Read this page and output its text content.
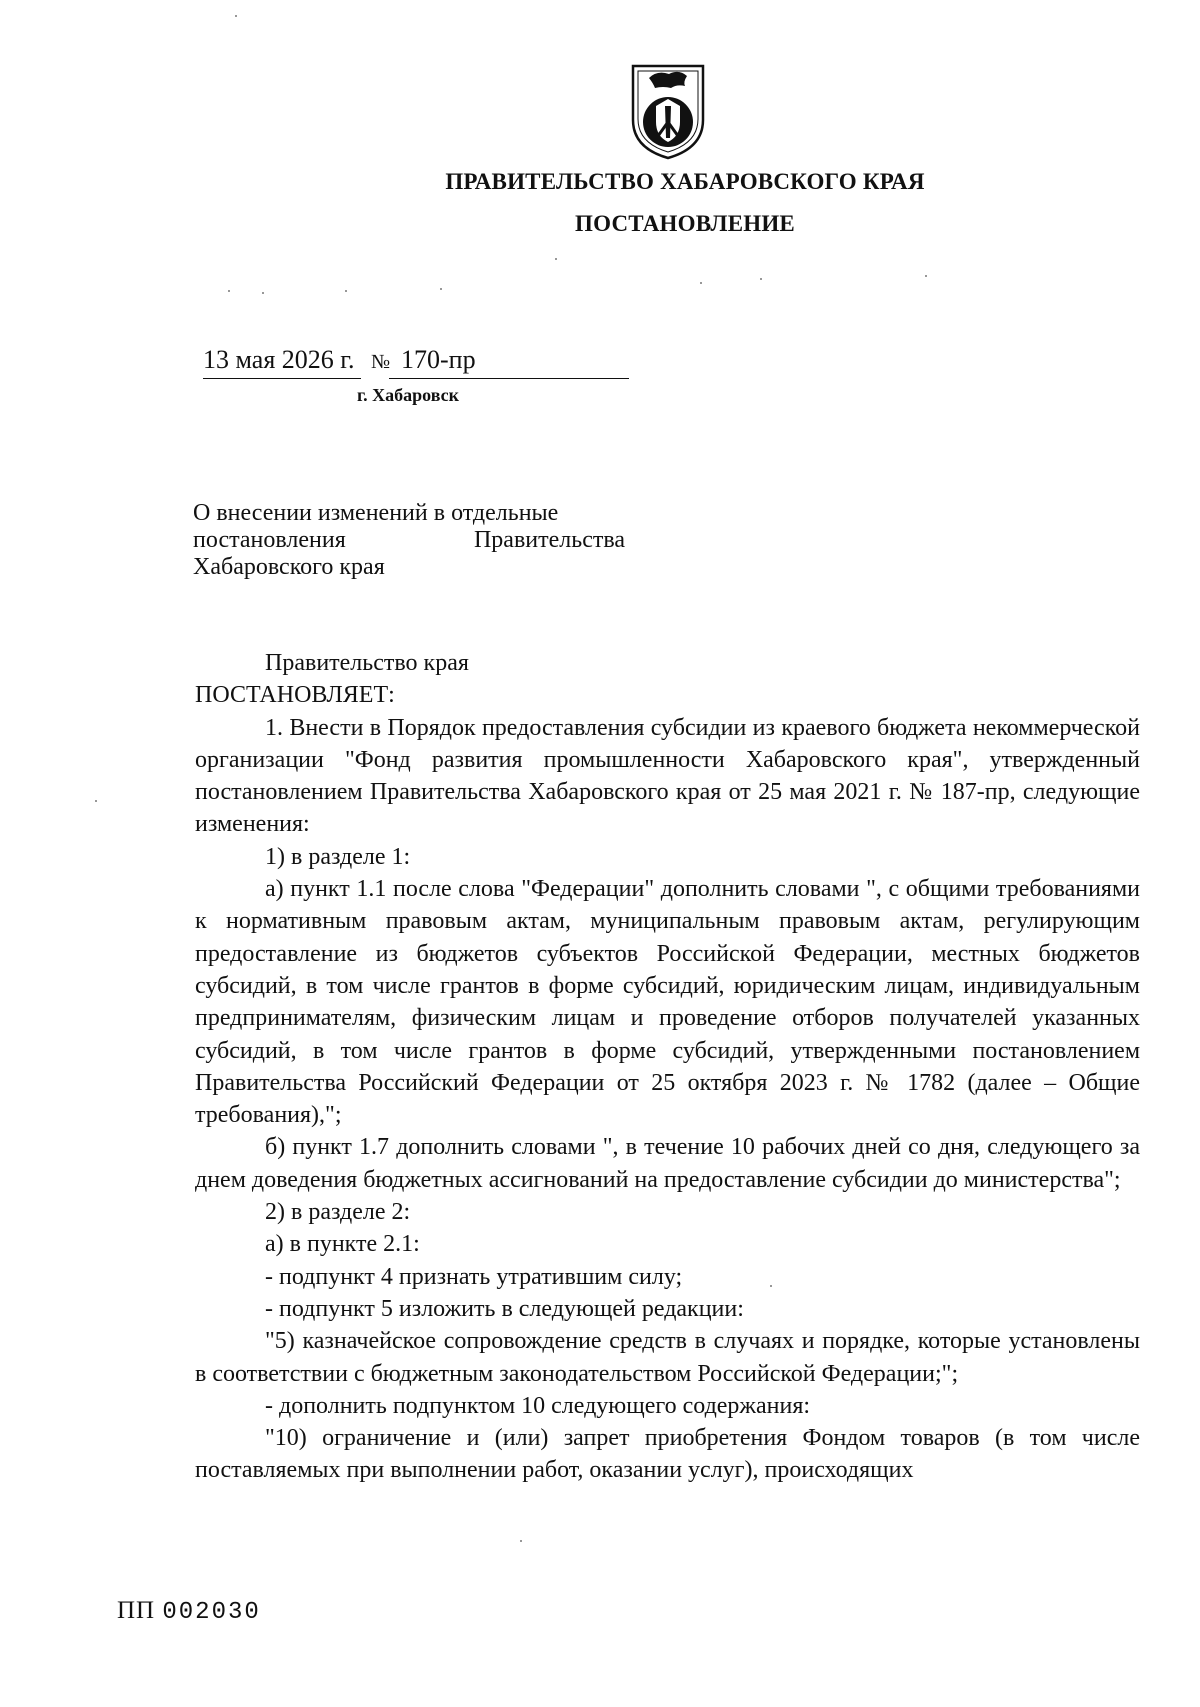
ПРАВИТЕЛЬСТВО ХАБАРОВСКОГО КРАЯ
ПОСТАНОВЛЕНИЕ
13 мая 2026 г. № 170-пр
г. Хабаровск
О внесении изменений в отдельные
постановления	Правительства
Хабаровского края

Правительство края

ПОСТАНОВЛЯЕТ:

1. Внести в Порядок предоставления субсидии из краевого бюджета некоммерческой организации "Фонд развития промышленности Хабаровского края", утвержденный постановлением Правительства Хабаровского края от 25 мая 2021 г. № 187-пр, следующие изменения:

1) в разделе 1:

а) пункт 1.1 после слова "Федерации" дополнить словами ", с общими требованиями к нормативным правовым актам, муниципальным правовым актам, регулирующим предоставление из бюджетов субъектов Российской Федерации, местных бюджетов субсидий, в том числе грантов в форме субсидий, юридическим лицам, индивидуальным предпринимателям, физическим лицам и проведение отборов получателей указанных субсидий, в том числе грантов в форме субсидий, утвержденными постановлением Правительства Российский Федерации от 25 октября 2023 г. № 1782 (далее – Общие требования),";

б) пункт 1.7 дополнить словами ", в течение 10 рабочих дней со дня, следующего за днем доведения бюджетных ассигнований на предоставление субсидии до министерства";

2) в разделе 2:

а) в пункте 2.1:

- подпункт 4 признать утратившим силу;

- подпункт 5 изложить в следующей редакции:

"5) казначейское сопровождение средств в случаях и порядке, которые установлены в соответствии с бюджетным законодательством Российской Федерации;";

- дополнить подпунктом 10 следующего содержания:

"10) ограничение и (или) запрет приобретения Фондом товаров (в том числе поставляемых при выполнении работ, оказании услуг), происходящих

ПП 002030
